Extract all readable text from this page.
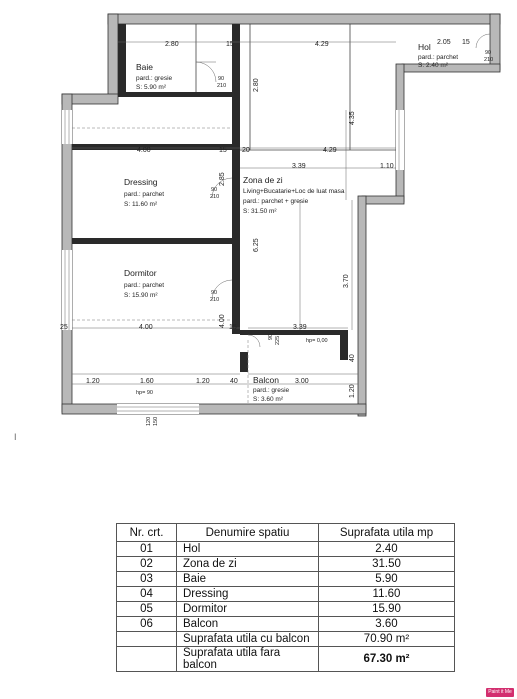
2.80	15	4.29	2.05 15
4.00	15 20	4.29
3.39	1.10
4.35
2.80
2.85
6.25
3.70
4.00
25	4.00	15	3.39
1.20	1.60	1.20	40	3.00
1.20
40
90
210
90
210
90
210
90
210
90 225
hp= 90
hp= 0,00
120 150
Baie
pard.: gresie
S: 5.90 m²
Hol
pard.: parchet
S: 2.40 m²
Dressing
pard.: parchet
S: 11.60 m²
Zona de zi
Living+Bucatarie+Loc de luat masa
pard.: parchet + gresie
S: 31.50 m²
Dormitor
pard.: parchet
S: 15.90 m²
Balcon
pard.: gresie
S: 3.60 m²
I
Nr. crt.	Denumire spatiu	Suprafata utila mp
01	Hol	2.40
02	Zona de zi	31.50
03	Baie	5.90
04	Dressing	11.60
05	Dormitor	15.90
06	Balcon	3.60
	Suprafata utila cu balcon	70.90 m²
	Suprafata utila fara balcon	67.30 m²
Paint it Me
